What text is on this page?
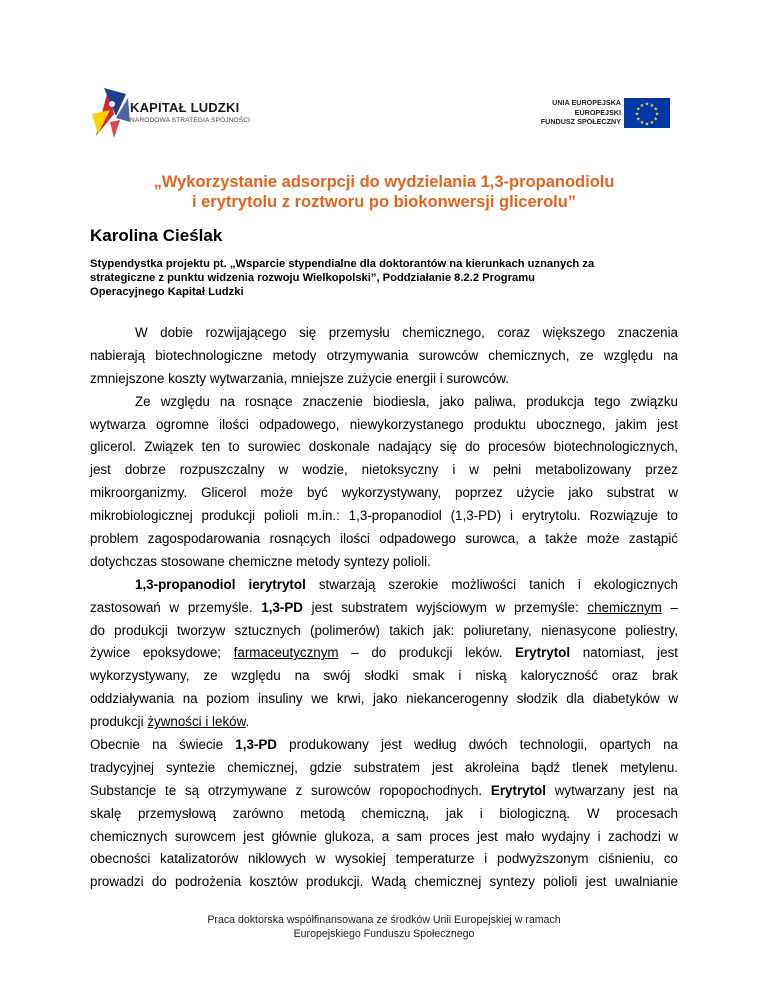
KAPITAŁ LUDZKI
NARODOWA STRATEGIA SPÓJNOŚCI
UNIA EUROPEJSKA
EUROPEJSKI
FUNDUSZ SPOŁECZNY
★ ★
★
★
★
★
★
★
★
★
★
★
„Wykorzystanie adsorpcji do wydzielania 1,3-propanodiolu
i erytrytolu z roztworu po biokonwersji glicerolu”
Karolina Cieślak
Stypendystka projektu pt. „Wsparcie stypendialne dla doktorantów na kierunkach uznanych za
strategiczne z punktu widzenia rozwoju Wielkopolski”, Poddziałanie 8.2.2 Programu
Operacyjnego Kapitał Ludzki
W dobie rozwijającego się przemysłu chemicznego, coraz większego znaczenia
nabierają biotechnologiczne metody otrzymywania surowców chemicznych, ze względu na
zmniejszone koszty wytwarzania, mniejsze zużycie energii i surowców.
Ze względu na rosnące znaczenie biodiesla, jako paliwa, produkcja tego związku
wytwarza ogromne ilości odpadowego, niewykorzystanego produktu ubocznego, jakim jest
glicerol. Związek ten to surowiec doskonale nadający się do procesów biotechnologicznych,
jest dobrze rozpuszczalny w wodzie, nietoksyczny i w pełni metabolizowany przez
mikroorganizmy. Glicerol może być wykorzystywany, poprzez użycie jako substrat w
mikrobiologicznej produkcji polioli m.in.: 1,3-propanodiol (1,3-PD) i erytrytolu. Rozwiązuje to
problem zagospodarowania rosnących ilości odpadowego surowca, a także może zastąpić
dotychczas stosowane chemiczne metody syntezy polioli.
1,3-propanodiol ierytrytol stwarzają szerokie możliwości tanich i ekologicznych
zastosowań w przemyśle. 1,3-PD jest substratem wyjściowym w przemyśle: chemicznym –
do produkcji tworzyw sztucznych (polimerów) takich jak: poliuretany, nienasycone poliestry,
żywice epoksydowe; farmaceutycznym – do produkcji leków. Erytrytol natomiast, jest
wykorzystywany, ze względu na swój słodki smak i niską kaloryczność oraz brak
oddziaływania na poziom insuliny we krwi, jako niekancerogenny słodzik dla diabetyków w
produkcji żywności i leków.
Obecnie na świecie 1,3-PD produkowany jest według dwóch technologii, opartych na
tradycyjnej syntezie chemicznej, gdzie substratem jest akroleina bądź tlenek metylenu.
Substancje te są otrzymywane z surowców ropopochodnych. Erytrytol wytwarzany jest na
skalę przemysłową zarówno metodą chemiczną, jak i biologiczną. W procesach
chemicznych surowcem jest głównie glukoza, a sam proces jest mało wydajny i zachodzi w
obecności katalizatorów niklowych w wysokiej temperaturze i podwyższonym ciśnieniu, co
prowadzi do podrożenia kosztów produkcji. Wadą chemicznej syntezy polioli jest uwalnianie
Praca doktorska współfinansowana ze środków Unii Europejskiej w ramach
Europejskiego Funduszu Społecznego
